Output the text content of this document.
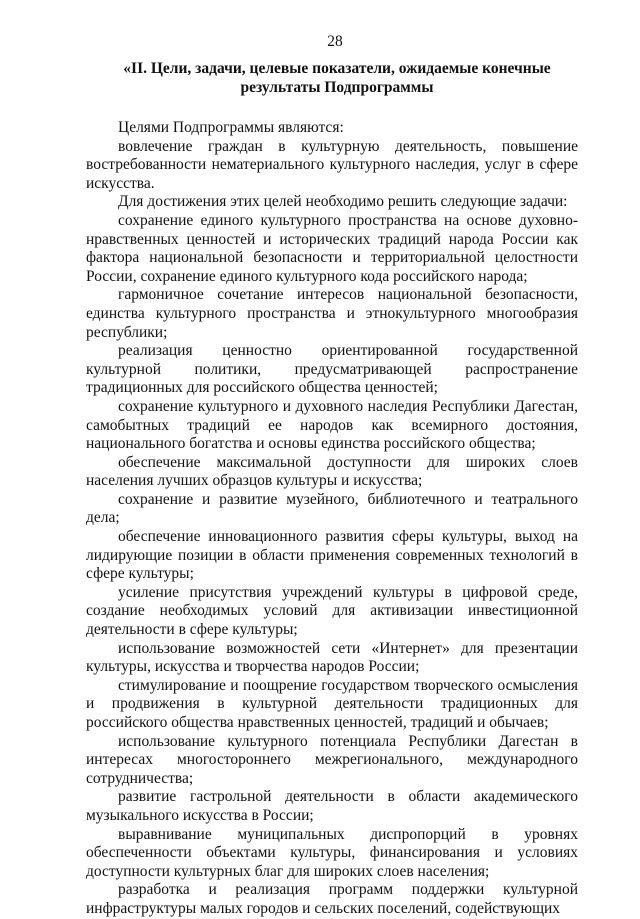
28
«II. Цели, задачи, целевые показатели, ожидаемые конечные
результаты Подпрограммы

Целями Подпрограммы являются:

вовлечение граждан в культурную деятельность, повышение востребованности нематериального культурного наследия, услуг в сфере искусства.

Для достижения этих целей необходимо решить следующие задачи:

сохранение единого культурного пространства на основе духовно-нравственных ценностей и исторических традиций народа России как фактора национальной безопасности и территориальной целостности России, сохранение единого культурного кода российского народа;

гармоничное сочетание интересов национальной безопасности, единства культурного пространства и этнокультурного многообразия республики;

реализация ценностно ориентированной государственной культурной политики, предусматривающей распространение традиционных для российского общества ценностей;

сохранение культурного и духовного наследия Республики Дагестан, самобытных традиций ее народов как всемирного достояния, национального богатства и основы единства российского общества;

обеспечение максимальной доступности для широких слоев населения лучших образцов культуры и искусства;

сохранение и развитие музейного, библиотечного и театрального дела;

обеспечение инновационного развития сферы культуры, выход на лидирующие позиции в области применения современных технологий в сфере культуры;

усиление присутствия учреждений культуры в цифровой среде, создание необходимых условий для активизации инвестиционной деятельности в сфере культуры;

использование возможностей сети «Интернет» для презентации культуры, искусства и творчества народов России;

стимулирование и поощрение государством творческого осмысления и продвижения в культурной деятельности традиционных для российского общества нравственных ценностей, традиций и обычаев;

использование культурного потенциала Республики Дагестан в интересах многостороннего межрегионального, международного сотрудничества;

развитие гастрольной деятельности в области академического музыкального искусства в России;

выравнивание муниципальных диспропорций в уровнях обеспеченности объектами культуры, финансирования и условиях доступности культурных благ для широких слоев населения;

разработка и реализация программ поддержки культурной инфраструктуры малых городов и сельских поселений, содействующих
